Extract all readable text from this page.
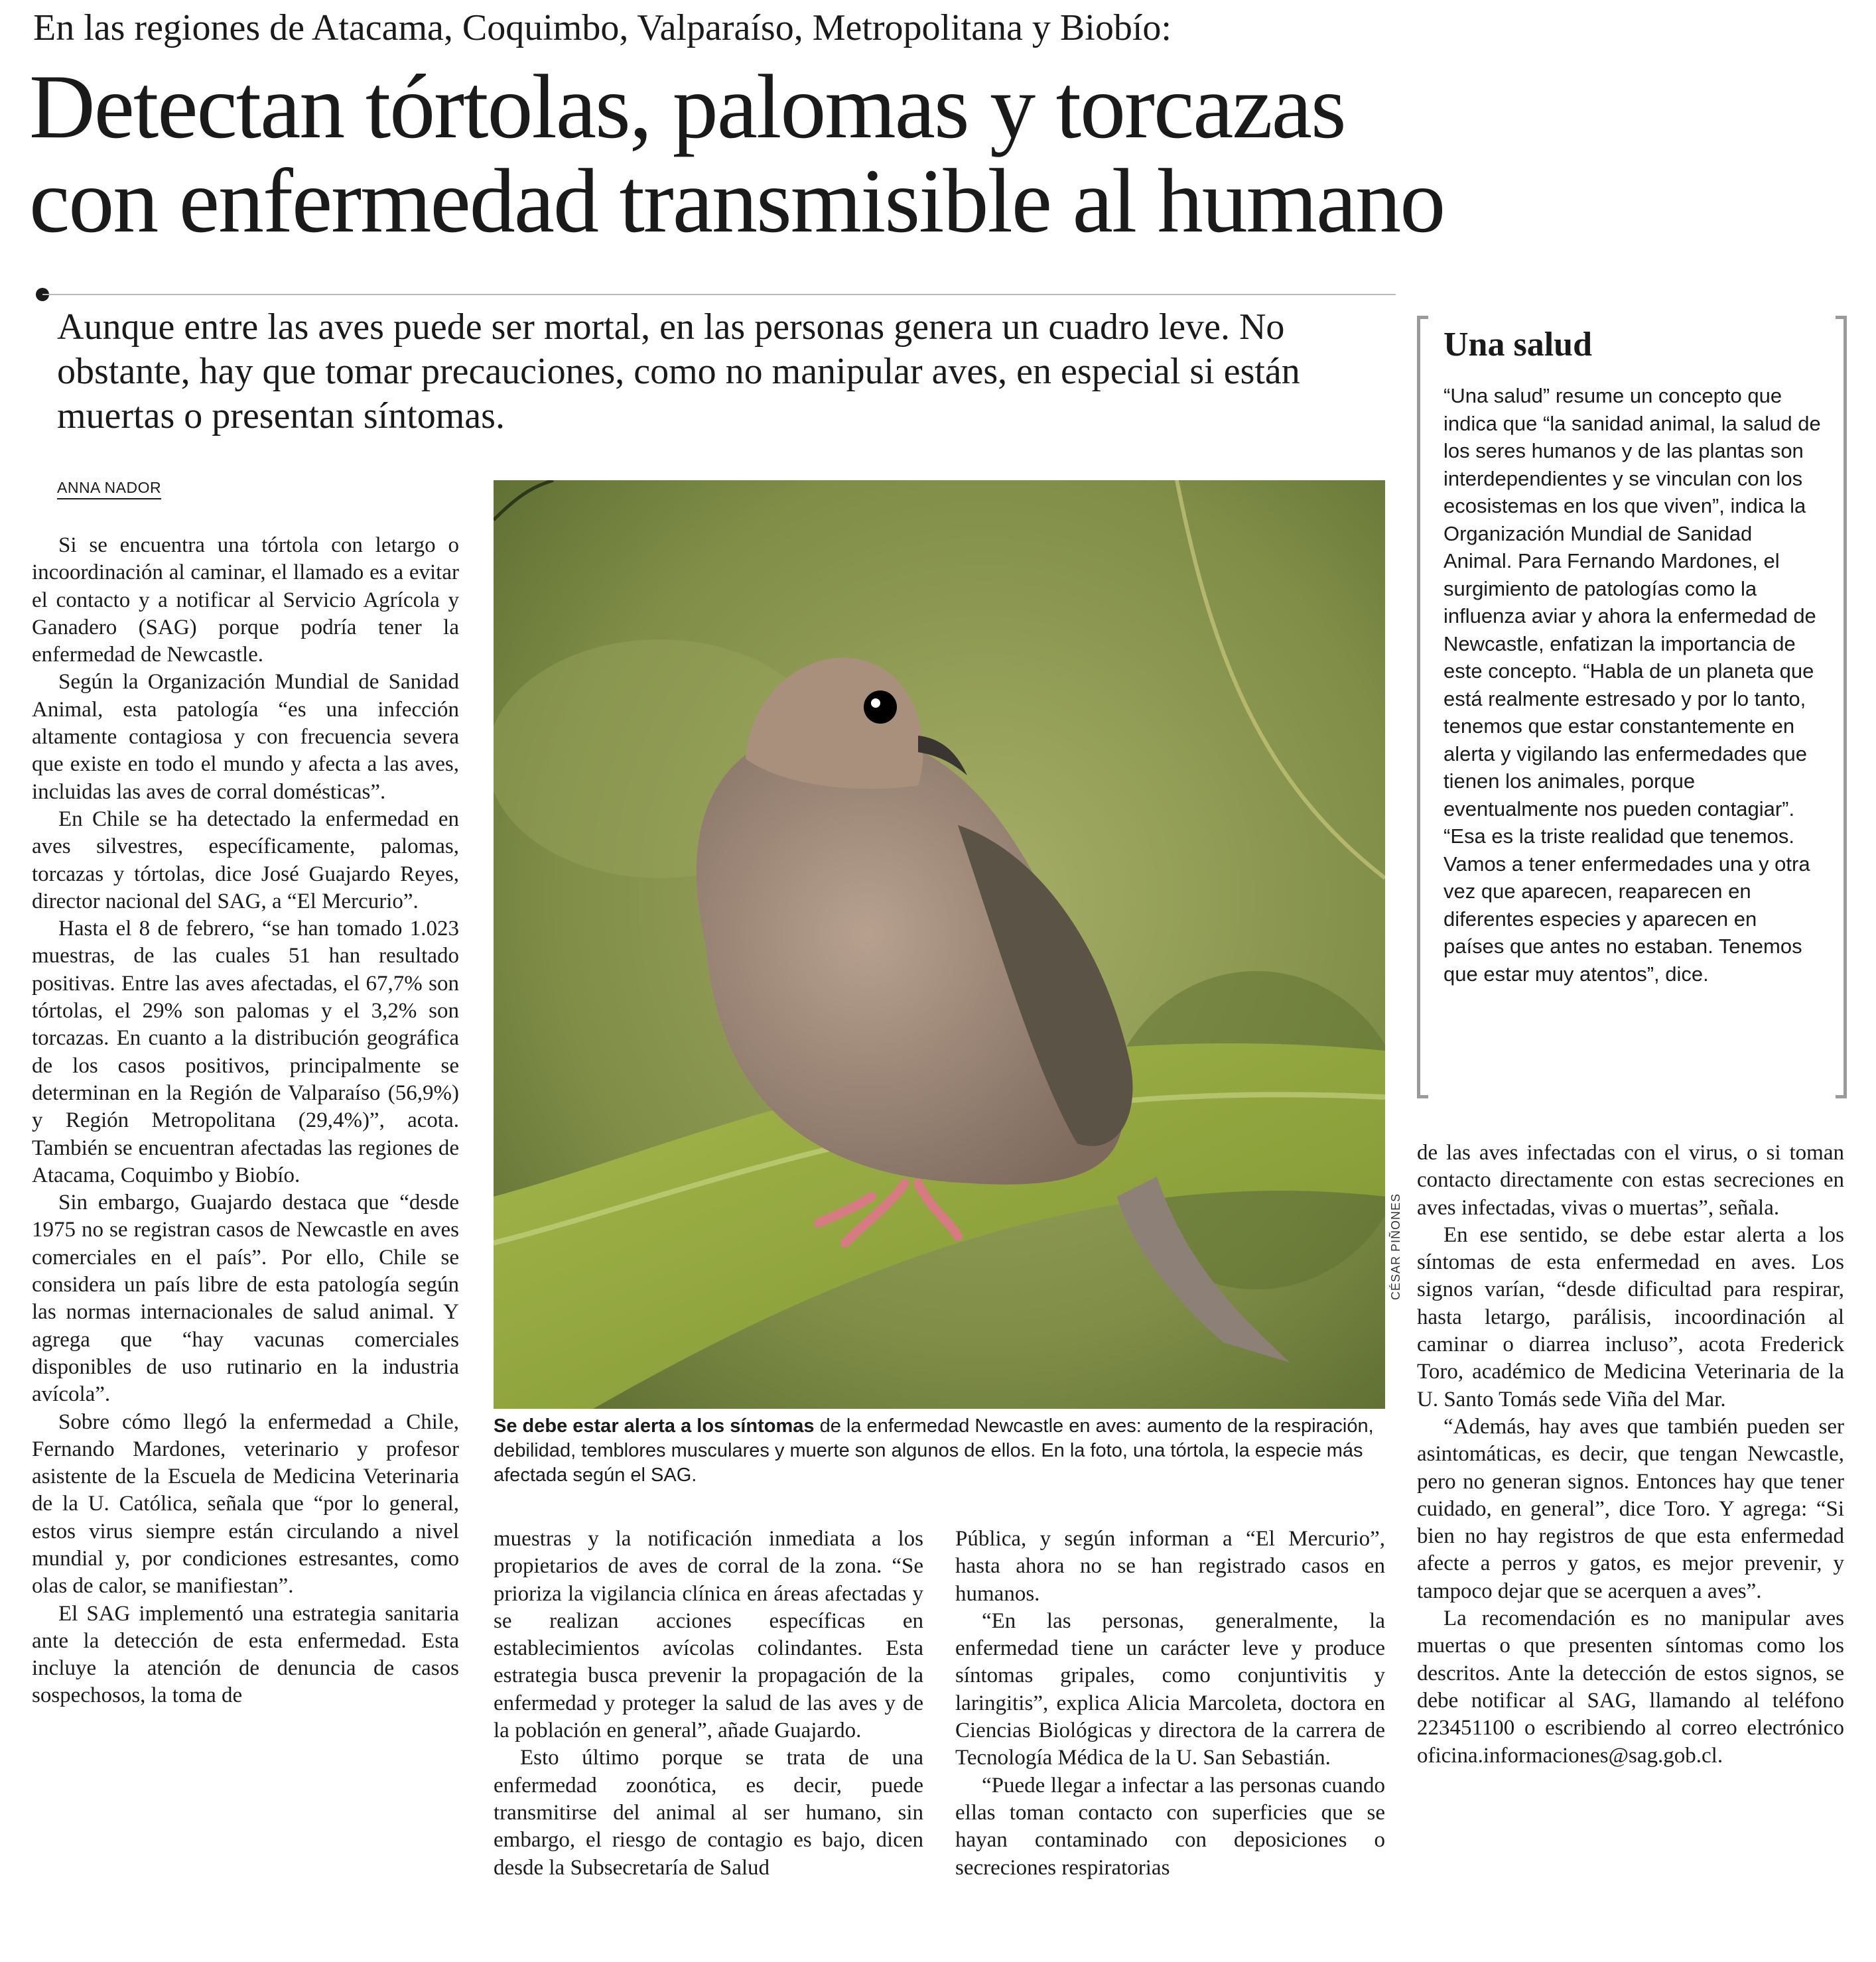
En las regiones de Atacama, Coquimbo, Valparaíso, Metropolitana y Biobío:
Detectan tórtolas, palomas y torcazas
con enfermedad transmisible al humano

Aunque entre las aves puede ser mortal, en las personas genera un cuadro leve. No obstante, hay que tomar precauciones, como no manipular aves, en especial si están muertas o presentan síntomas.

ANNA NADOR

Si se encuentra una tórtola con letargo o incoordinación al caminar, el llamado es a evitar el contacto y a notificar al Servicio Agrícola y Ganadero (SAG) porque podría tener la enfermedad de Newcastle.

Según la Organización Mundial de Sanidad Animal, esta patología “es una infección altamente contagiosa y con frecuencia severa que existe en todo el mundo y afecta a las aves, incluidas las aves de corral domésticas”.

En Chile se ha detectado la enfermedad en aves silvestres, específicamente, palomas, torcazas y tórtolas, dice José Guajardo Reyes, director nacional del SAG, a “El Mercurio”.

Hasta el 8 de febrero, “se han tomado 1.023 muestras, de las cuales 51 han resultado positivas. Entre las aves afectadas, el 67,7% son tórtolas, el 29% son palomas y el 3,2% son torcazas. En cuanto a la distribución geográfica de los casos positivos, principalmente se determinan en la Región de Valparaíso (56,9%) y Región Metropolitana (29,4%)”, acota. También se encuentran afectadas las regiones de Atacama, Coquimbo y Biobío.

Sin embargo, Guajardo destaca que “desde 1975 no se registran casos de Newcastle en aves comerciales en el país”. Por ello, Chile se considera un país libre de esta patología según las normas internacionales de salud animal. Y agrega que “hay vacunas comerciales disponibles de uso rutinario en la industria avícola”.

Sobre cómo llegó la enfermedad a Chile, Fernando Mardones, veterinario y profesor asistente de la Escuela de Medicina Veterinaria de la U. Católica, señala que “por lo general, estos virus siempre están circulando a nivel mundial y, por condiciones estresantes, como olas de calor, se manifiestan”.

El SAG implementó una estrategia sanitaria ante la detección de esta enfermedad. Esta incluye la atención de denuncia de casos sospechosos, la toma de

CÉSAR PIÑONES

Se debe estar alerta a los síntomas de la enfermedad Newcastle en aves: aumento de la respiración, debilidad, temblores musculares y muerte son algunos de ellos. En la foto, una tórtola, la especie más afectada según el SAG.

muestras y la notificación inmediata a los propietarios de aves de corral de la zona. “Se prioriza la vigilancia clínica en áreas afectadas y se realizan acciones específicas en establecimientos avícolas colindantes. Esta estrategia busca prevenir la propagación de la enfermedad y proteger la salud de las aves y de la población en general”, añade Guajardo.

Esto último porque se trata de una enfermedad zoonótica, es decir, puede transmitirse del animal al ser humano, sin embargo, el riesgo de contagio es bajo, dicen desde la Subsecretaría de Salud

Pública, y según informan a “El Mercurio”, hasta ahora no se han registrado casos en humanos.

“En las personas, generalmente, la enfermedad tiene un carácter leve y produce síntomas gripales, como conjuntivitis y laringitis”, explica Alicia Marcoleta, doctora en Ciencias Biológicas y directora de la carrera de Tecnología Médica de la U. San Sebastián.

“Puede llegar a infectar a las personas cuando ellas toman contacto con superficies que se hayan contaminado con deposiciones o secreciones respiratorias

Una salud

“Una salud” resume un concepto que indica que “la sanidad animal, la salud de los seres humanos y de las plantas son interdependientes y se vinculan con los ecosistemas en los que viven”, indica la Organización Mundial de Sanidad Animal. Para Fernando Mardones, el surgimiento de patologías como la influenza aviar y ahora la enfermedad de Newcastle, enfatizan la importancia de este concepto. “Habla de un planeta que está realmente estresado y por lo tanto, tenemos que estar constantemente en alerta y vigilando las enfermedades que tienen los animales, porque eventualmente nos pueden contagiar”. “Esa es la triste realidad que tenemos. Vamos a tener enfermedades una y otra vez que aparecen, reaparecen en diferentes especies y aparecen en países que antes no estaban. Tenemos que estar muy atentos”, dice.

de las aves infectadas con el virus, o si toman contacto directamente con estas secreciones en aves infectadas, vivas o muertas”, señala.

En ese sentido, se debe estar alerta a los síntomas de esta enfermedad en aves. Los signos varían, “desde dificultad para respirar, hasta letargo, parálisis, incoordinación al caminar o diarrea incluso”, acota Frederick Toro, académico de Medicina Veterinaria de la U. Santo Tomás sede Viña del Mar.

“Además, hay aves que también pueden ser asintomáticas, es decir, que tengan Newcastle, pero no generan signos. Entonces hay que tener cuidado, en general”, dice Toro. Y agrega: “Si bien no hay registros de que esta enfermedad afecte a perros y gatos, es mejor prevenir, y tampoco dejar que se acerquen a aves”.

La recomendación es no manipular aves muertas o que presenten síntomas como los descritos. Ante la detección de estos signos, se debe notificar al SAG, llamando al teléfono 223451100 o escribiendo al correo electrónico oficina.informaciones@sag.gob.cl.
